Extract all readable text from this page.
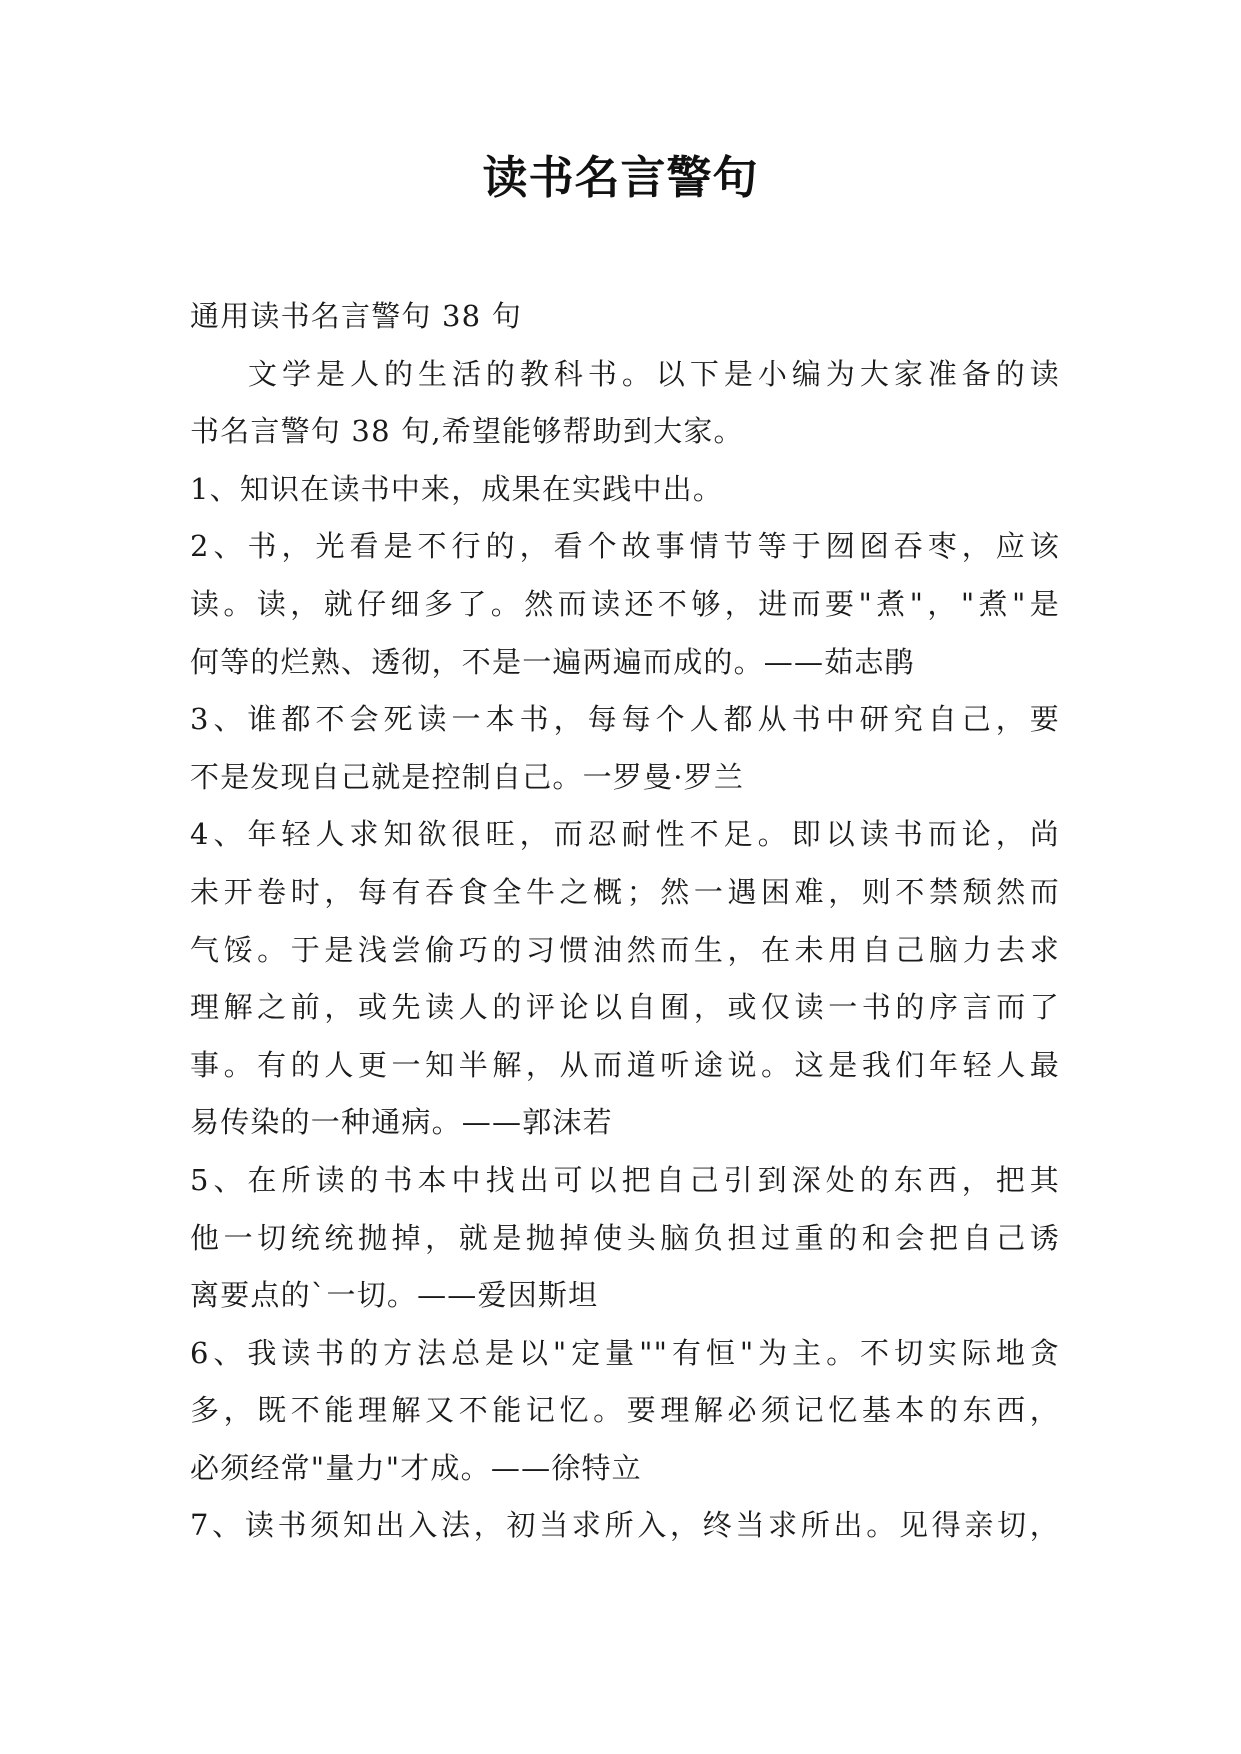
读书名言警句
通用读书名言警句 38 句
文学是人的生活的教科书。以下是小编为大家准备的读
书名言警句 38 句,希望能够帮助到大家。
1、知识在读书中来，成果在实践中出。
2、书，光看是不行的，看个故事情节等于囫囵吞枣，应该
读。读，就仔细多了。然而读还不够，进而要"煮"，"煮"是
何等的烂熟、透彻，不是一遍两遍而成的。——茹志鹃
3、谁都不会死读一本书，每每个人都从书中研究自己，要
不是发现自己就是控制自己。一罗曼·罗兰
4、年轻人求知欲很旺，而忍耐性不足。即以读书而论，尚
未开卷时，每有吞食全牛之概；然一遇困难，则不禁颓然而
气馁。于是浅尝偷巧的习惯油然而生，在未用自己脑力去求
理解之前，或先读人的评论以自囿，或仅读一书的序言而了
事。有的人更一知半解，从而道听途说。这是我们年轻人最
易传染的一种通病。——郭沫若
5、在所读的书本中找出可以把自己引到深处的东西，把其
他一切统统抛掉，就是抛掉使头脑负担过重的和会把自己诱
离要点的`一切。——爱因斯坦
6、我读书的方法总是以"定量""有恒"为主。不切实际地贪
多，既不能理解又不能记忆。要理解必须记忆基本的东西，
必须经常"量力"才成。——徐特立
7、读书须知出入法，初当求所入，终当求所出。见得亲切，
